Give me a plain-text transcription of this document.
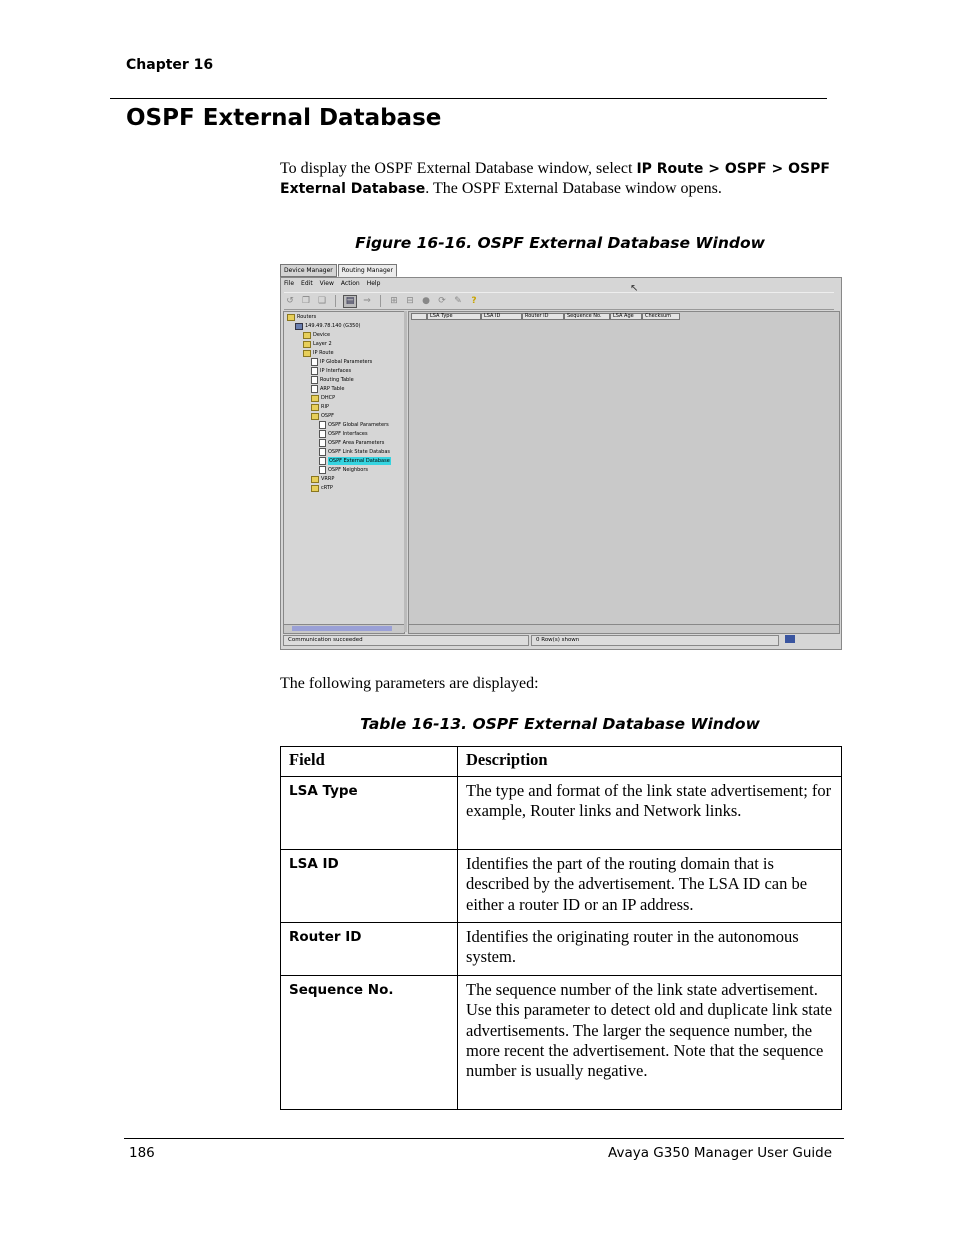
Chapter 16
OSPF External Database
To display the OSPF External Database window, select IP Route > OSPF > OSPF External Database. The OSPF External Database window opens.
Figure 16-16. OSPF External Database Window
Device Manager	Routing Manager
File Edit View Action Help	↖
↺ ❐ ❑	▤ ⇒ ⊞ ⊟ ● ⟳ ✎	?
Routers
149.49.78.140 (G350)
Device
Layer 2
IP Route
IP Global Parameters
IP Interfaces
Routing Table
ARP Table
DHCP
RIP
OSPF
OSPF Global Parameters
OSPF Interfaces
OSPF Area Parameters
OSPF Link State Databas
OSPF External Database
OSPF Neighbors
VRRP
cRTP
LSA Type	LSA ID	Router ID	Sequence No.	LSA Age	Checksum
Communication succeeded	0 Row(s) shown
The following parameters are displayed:
Table 16-13. OSPF External Database Window
Field	Description
LSA Type	The type and format of the link state advertisement; for example, Router links and Network links.
LSA ID	Identifies the part of the routing domain that is described by the advertisement. The LSA ID can be either a router ID or an IP address.
Router ID	Identifies the originating router in the autonomous system.
Sequence No.	The sequence number of the link state advertisement. Use this parameter to detect old and duplicate link state advertisements. The larger the sequence number, the more recent the advertisement. Note that the sequence number is usually negative.
186	Avaya G350 Manager User Guide
